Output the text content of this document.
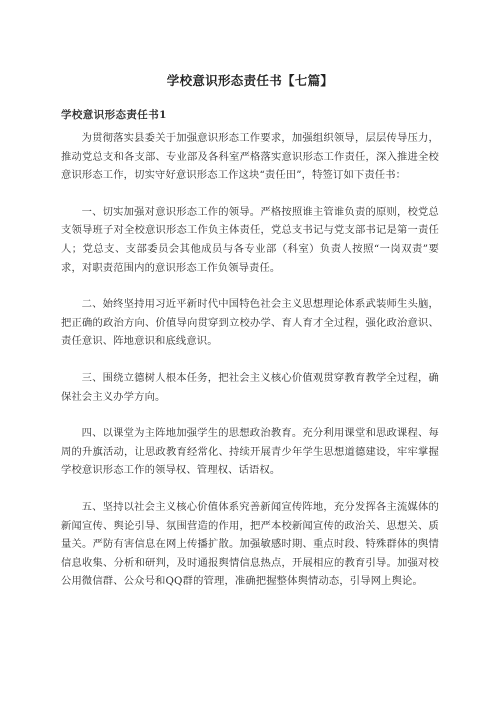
学校意识形态责任书【七篇】
学校意识形态责任书1

为贯彻落实县委关于加强意识形态工作要求，加强组织领导，层层传导压力，推动党总支和各支部、专业部及各科室严格落实意识形态工作责任，深入推进全校意识形态工作，切实守好意识形态工作这块“责任田”，特签订如下责任书：

一、切实加强对意识形态工作的领导。严格按照谁主管谁负责的原则，校党总支领导班子对全校意识形态工作负主体责任，党总支书记与党支部书记是第一责任人；党总支、支部委员会其他成员与各专业部（科室）负责人按照“一岗双责”要求，对职责范围内的意识形态工作负领导责任。

二、始终坚持用习近平新时代中国特色社会主义思想理论体系武装师生头脑，把正确的政治方向、价值导向贯穿到立校办学、育人育才全过程，强化政治意识、责任意识、阵地意识和底线意识。

三、围绕立德树人根本任务，把社会主义核心价值观贯穿教育教学全过程，确保社会主义办学方向。

四、以课堂为主阵地加强学生的思想政治教育。充分利用课堂和思政课程、每周的升旗活动，让思政教育经常化、持续开展青少年学生思想道德建设，牢牢掌握学校意识形态工作的领导权、管理权、话语权。

五、坚持以社会主义核心价值体系究善新闻宣传阵地，充分发挥各主流媒体的新闻宣传、舆论引导、氛围营造的作用，把严本校新闻宣传的政治关、思想关、质量关。严防有害信息在网上传播扩散。加强敏感时期、重点时段、特殊群体的舆情信息收集、分析和研判，及时通报舆情信息热点，开展相应的教育引导。加强对校公用微信群、公众号和QQ群的管理，准确把握整体舆情动态，引导网上舆论。
